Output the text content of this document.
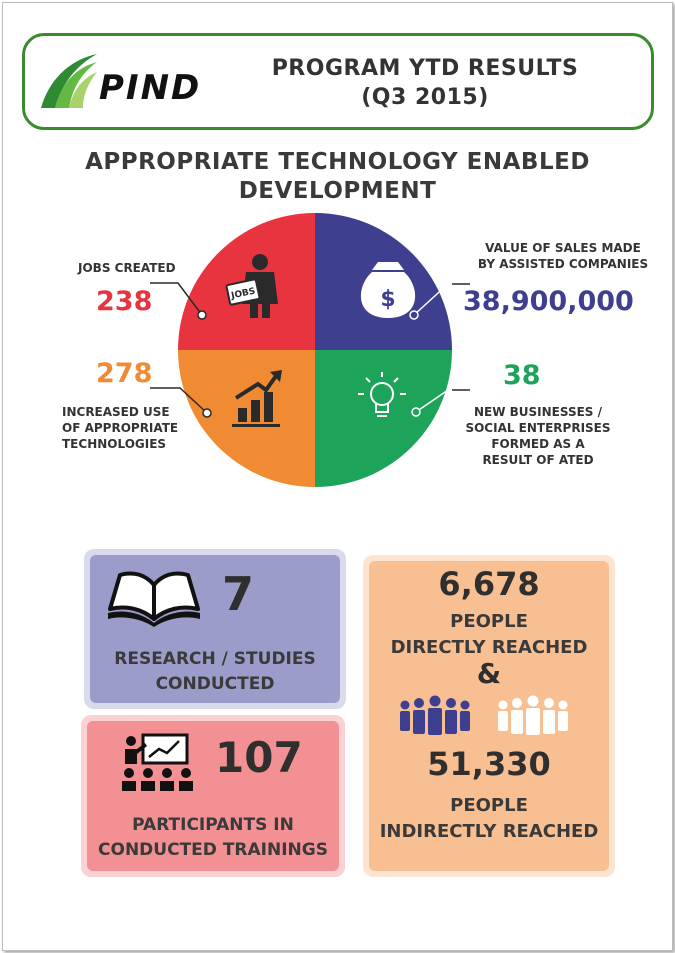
PIND	PROGRAM YTD RESULTS
(Q3 2015)
APPROPRIATE TECHNOLOGY ENABLED
DEVELOPMENT
JOBS	$
JOBS CREATED
238
VALUE OF SALES MADE
BY ASSISTED COMPANIES
38,900,000
278
INCREASED USE
OF APPROPRIATE
TECHNOLOGIES
38
NEW BUSINESSES /
SOCIAL ENTERPRISES
FORMED AS A
RESULT OF ATED
7
RESEARCH / STUDIES
CONDUCTED
107
PARTICIPANTS IN
CONDUCTED TRAININGS
6,678
PEOPLE
DIRECTLY REACHED
&
51,330
PEOPLE
INDIRECTLY REACHED
